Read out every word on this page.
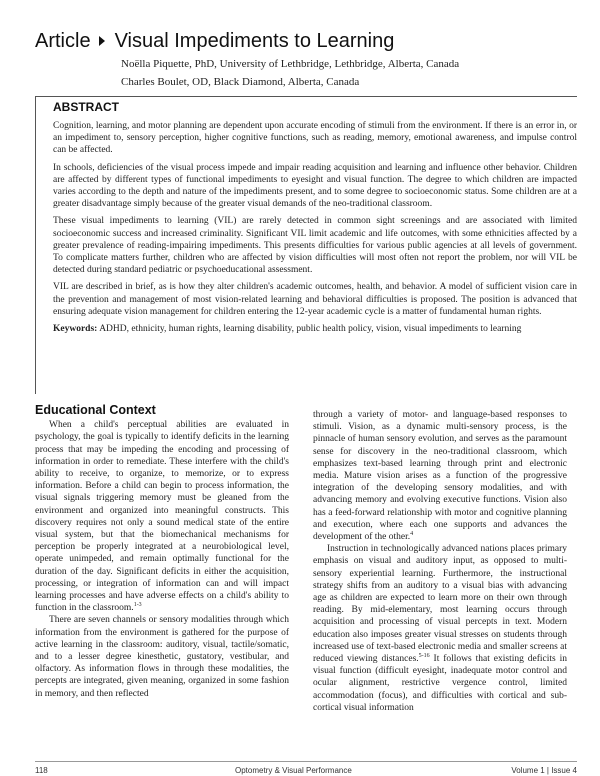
Article Visual Impediments to Learning
Noëlla Piquette, PhD, University of Lethbridge, Lethbridge, Alberta, Canada
Charles Boulet, OD, Black Diamond, Alberta, Canada
ABSTRACT

Cognition, learning, and motor planning are dependent upon accurate encoding of stimuli from the environment. If there is an error in, or an impediment to, sensory perception, higher cognitive functions, such as reading, memory, emotional awareness, and impulse control can be affected.

In schools, deficiencies of the visual process impede and impair reading acquisition and learning and influence other behavior. Children are affected by different types of functional impediments to eyesight and visual function. The degree to which children are impacted varies according to the depth and nature of the impediments present, and to some degree to socioeconomic status. Some children are at a greater disadvantage simply because of the greater visual demands of the neo-traditional classroom.

These visual impediments to learning (VIL) are rarely detected in common sight screenings and are associated with limited socioeconomic success and increased criminality. Significant VIL limit academic and life outcomes, with some ethnicities affected by a greater prevalence of reading-impairing impediments. This presents difficulties for various public agencies at all levels of government. To complicate matters further, children who are affected by vision difficulties will most often not report the problem, nor will VIL be detected during standard pediatric or psychoeducational assessment.

VIL are described in brief, as is how they alter children's academic outcomes, health, and behavior. A model of sufficient vision care in the prevention and management of most vision-related learning and behavioral difficulties is proposed. The position is advanced that ensuring adequate vision management for children entering the 12-year academic cycle is a matter of fundamental human rights.

Keywords: ADHD, ethnicity, human rights, learning disability, public health policy, vision, visual impediments to learning

Educational Context

When a child's perceptual abilities are evaluated in psychology, the goal is typically to identify deficits in the learning process that may be impeding the encoding and processing of information in order to remediate. These interfere with the child's ability to receive, to organize, to memorize, or to express information. Before a child can begin to process information, the visual signals triggering memory must be gleaned from the environment and organized into meaningful constructs. This discovery requires not only a sound medical state of the entire visual system, but that the biomechanical mechanisms for perception be properly integrated at a neurobiological level, operate unimpeded, and remain optimally functional for the duration of the day. Significant deficits in either the acquisition, processing, or integration of information can and will impact learning processes and have adverse effects on a child's ability to function in the classroom.$^{1-3}$

There are seven channels or sensory modalities through which information from the environment is gathered for the purpose of active learning in the classroom: auditory, visual, tactile/somatic, and to a lesser degree kinesthetic, gustatory, vestibular, and olfactory. As information flows in through these modalities, the percepts are integrated, given meaning, organized in some fashion in memory, and then reflected

through a variety of motor- and language-based responses to stimuli. Vision, as a dynamic multi-sensory process, is the pinnacle of human sensory evolution, and serves as the paramount sense for discovery in the neo-traditional classroom, which emphasizes text-based learning through print and electronic media. Mature vision arises as a function of the progressive integration of the developing sensory modalities, and with advancing memory and evolving executive functions. Vision also has a feed-forward relationship with motor and cognitive planning and execution, where each one supports and advances the development of the other.$^4$

Instruction in technologically advanced nations places primary emphasis on visual and auditory input, as opposed to multi-sensory experiential learning. Furthermore, the instructional strategy shifts from an auditory to a visual bias with advancing age as children are expected to learn more on their own through reading. By mid-elementary, most learning occurs through acquisition and processing of visual percepts in text. Modern education also imposes greater visual stresses on students through increased use of text-based electronic media and smaller screens at reduced viewing distances.$^{5-16}$ It follows that existing deficits in visual function (difficult eyesight, inadequate motor control and ocular alignment, restrictive vergence control, limited accommodation (focus), and difficulties with cortical and sub-cortical visual information

118	Optometry & Visual Performance	Volume 1 | Issue 4
